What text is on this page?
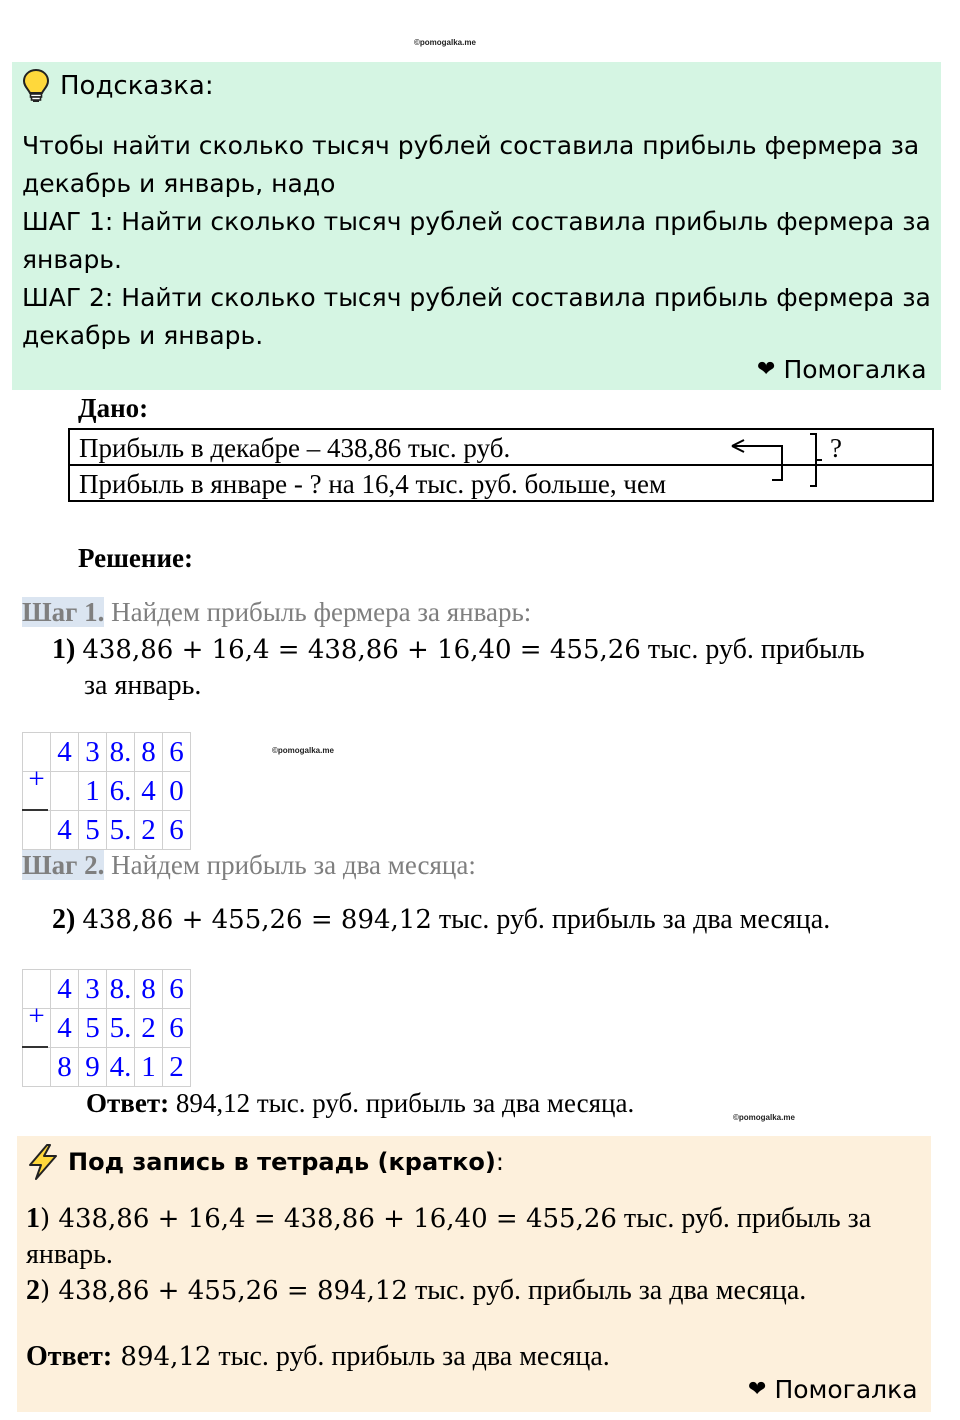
©pomogalka.me
©pomogalka.me
©pomogalka.me
Подсказка:

Чтобы найти сколько тысяч рублей составила прибыль фермера за декабрь и январь, надо

ШАГ 1: Найти сколько тысяч рублей составила прибыль фермера за январь.

ШАГ 2: Найти сколько тысяч рублей составила прибыль фермера за декабрь и январь.

❤ Помогалка
Дано:
Прибыль в декабре – 438,86 тыс. руб.
Прибыль в январе - ? на 16,4 тыс. руб. больше, чем
?
Решение:
Шаг 1. Найдем прибыль фермера за январь:
1) 438,86 + 16,4 = 438,86 + 16,40 = 455,26 тыс. руб. прибыль
за январь.
	4	3	8.	8	6
+		1	6.	4	0
	4	5	5.	2	6
Шаг 2. Найдем прибыль за два месяца:
2) 438,86 + 455,26 = 894,12 тыс. руб. прибыль за два месяца.
	4	3	8.	8	6
+	4	5	5.	2	6
	8	9	4.	1	2
Ответ: 894,12 тыс. руб. прибыль за два месяца.
Под запись в тетрадь (кратко) :
1) 438,86 + 16,4 = 438,86 + 16,40 = 455,26 тыс. руб. прибыль за
январь.
2) 438,86 + 455,26 = 894,12 тыс. руб. прибыль за два месяца.
Ответ: 894,12 тыс. руб. прибыль за два месяца.
❤ Помогалка
